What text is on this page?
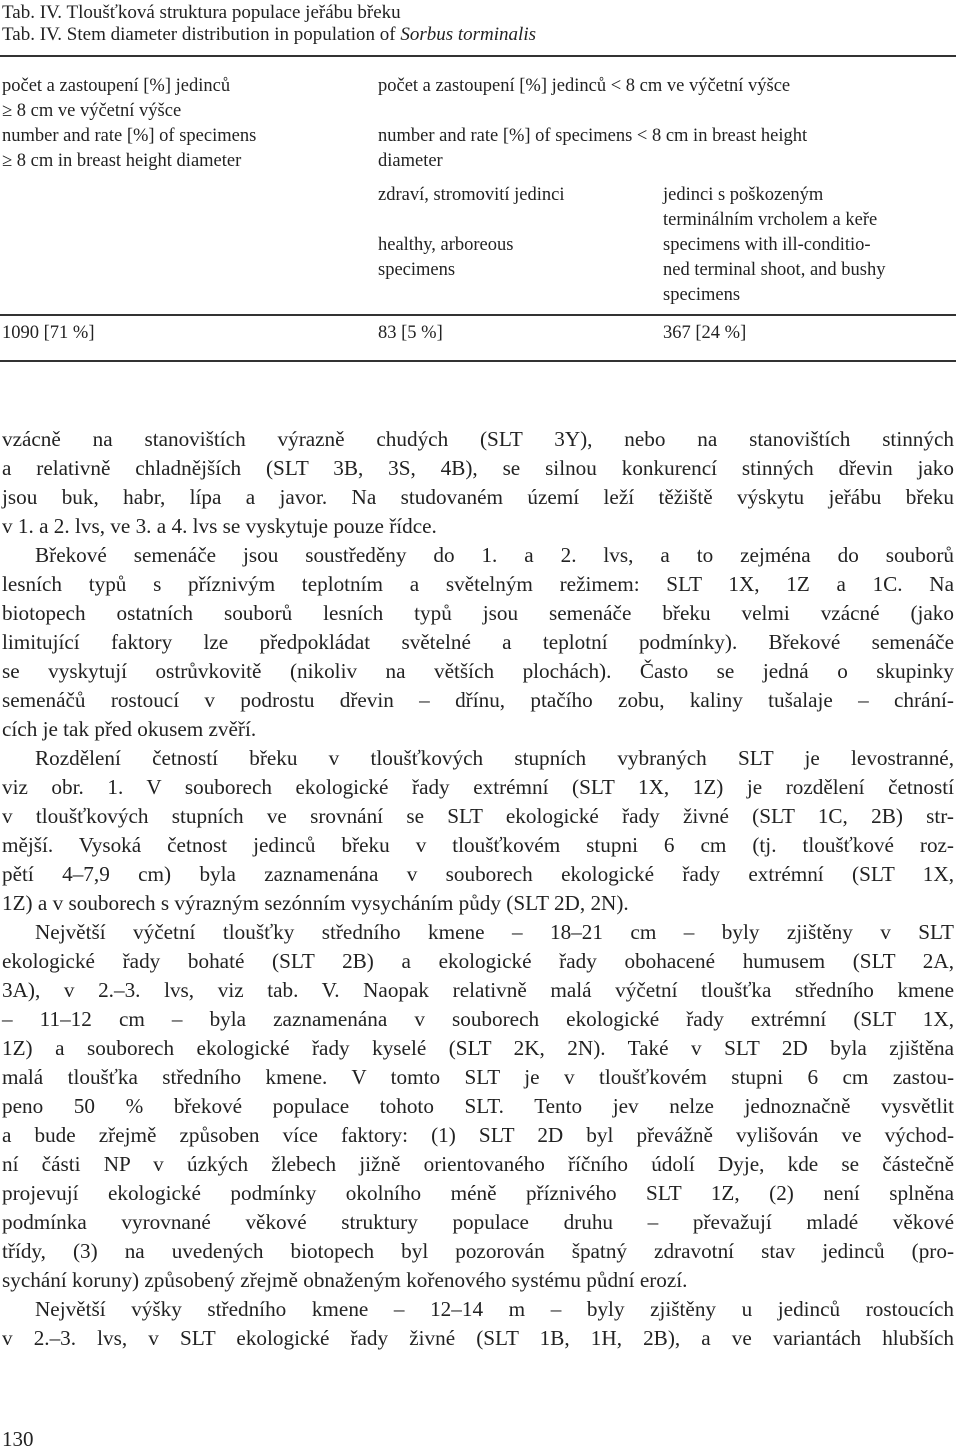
Tab. IV. Tloušťková struktura populace jeřábu břeku
Tab. IV. Stem diameter distribution in population of Sorbus torminalis
počet a zastoupení [%] jedinců
≥ 8 cm ve výčetní výšce
number and rate [%] of specimens
≥ 8 cm in breast height diameter
počet a zastoupení [%] jedinců < 8 cm ve výčetní výšce
number and rate [%] of specimens < 8 cm in breast height
diameter
zdraví, stromovití jedinci
healthy, arboreous
specimens
jedinci s poškozeným
terminálním vrcholem a keře
specimens with ill-conditio-
ned terminal shoot, and bushy
specimens
1090 [71 %]	83 [5 %]	367 [24 %]

vzácně na stanovištích výrazně chudých (SLT 3Y), nebo na stanovištích stinných

a relativně chladnějších (SLT 3B, 3S, 4B), se silnou konkurencí stinných dřevin jako

jsou buk, habr, lípa a javor. Na studovaném území leží těžiště výskytu jeřábu břeku

v 1. a 2. lvs, ve 3. a 4. lvs se vyskytuje pouze řídce.

Břekové semenáče jsou soustředěny do 1. a 2. lvs, a to zejména do souborů

lesních typů s příznivým teplotním a světelným režimem: SLT 1X, 1Z a 1C. Na

biotopech ostatních souborů lesních typů jsou semenáče břeku velmi vzácné (jako

limitující faktory lze předpokládat světelné a teplotní podmínky). Břekové semenáče

se vyskytují ostrůvkovitě (nikoliv na větších plochách). Často se jedná o skupinky

semenáčů rostoucí v podrostu dřevin – dřínu, ptačího zobu, kaliny tušalaje – chrání-

cích je tak před okusem zvěří.

Rozdělení četností břeku v tloušťkových stupních vybraných SLT je levostranné,

viz obr. 1. V souborech ekologické řady extrémní (SLT 1X, 1Z) je rozdělení četností

v tloušťkových stupních ve srovnání se SLT ekologické řady živné (SLT 1C, 2B) str-

mější. Vysoká četnost jedinců břeku v tloušťkovém stupni 6 cm (tj. tloušťkové roz-

pětí 4–7,9 cm) byla zaznamenána v souborech ekologické řady extrémní (SLT 1X,

1Z) a v souborech s výrazným sezónním vysycháním půdy (SLT 2D, 2N).

Největší výčetní tloušťky středního kmene – 18–21 cm – byly zjištěny v SLT

ekologické řady bohaté (SLT 2B) a ekologické řady obohacené humusem (SLT 2A,

3A), v 2.–3. lvs, viz tab. V. Naopak relativně malá výčetní tloušťka středního kmene

– 11–12 cm – byla zaznamenána v souborech ekologické řady extrémní (SLT 1X,

1Z) a souborech ekologické řady kyselé (SLT 2K, 2N). Také v SLT 2D byla zjištěna

malá tloušťka středního kmene. V tomto SLT je v tloušťkovém stupni 6 cm zastou-

peno 50 % břekové populace tohoto SLT. Tento jev nelze jednoznačně vysvětlit

a bude zřejmě způsoben více faktory: (1) SLT 2D byl převážně vylišován ve východ-

ní části NP v úzkých žlebech jižně orientovaného říčního údolí Dyje, kde se částečně

projevují ekologické podmínky okolního méně příznivého SLT 1Z, (2) není splněna

podmínka vyrovnané věkové struktury populace druhu – převažují mladé věkové

třídy, (3) na uvedených biotopech byl pozorován špatný zdravotní stav jedinců (pro-

sychání koruny) způsobený zřejmě obnaženým kořenového systému půdní erozí.

Největší výšky středního kmene – 12–14 m – byly zjištěny u jedinců rostoucích

v 2.–3. lvs, v SLT ekologické řady živné (SLT 1B, 1H, 2B), a ve variantách hlubších

130
